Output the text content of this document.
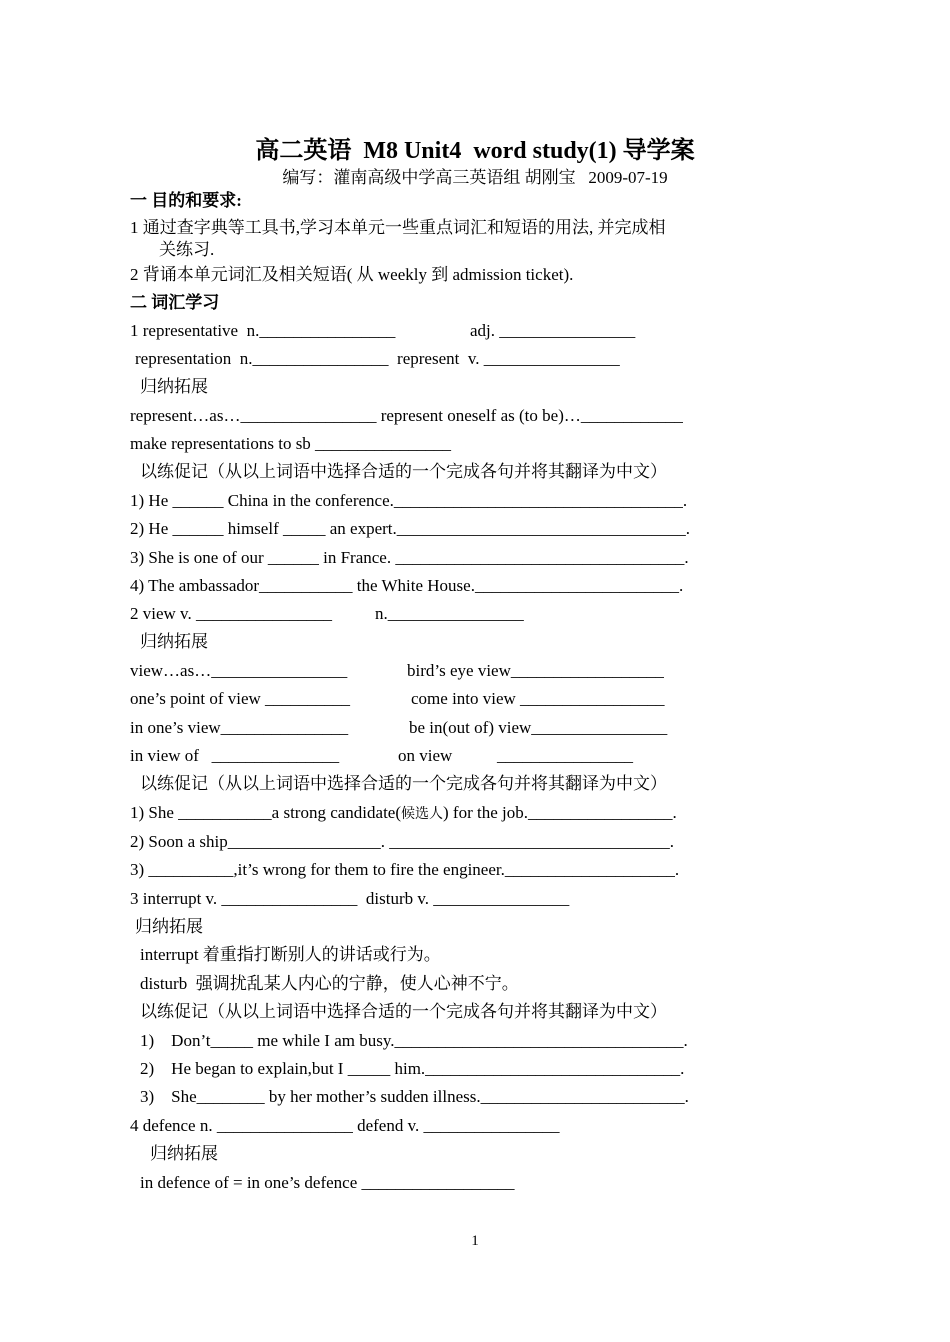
高二英语  M8 Unit4  word study(1) 导学案
编写：灌南高级中学高三英语组 胡刚宝   2009-07-19
一 目的和要求:
1 通过查字典等工具书,学习本单元一些重点词汇和短语的用法, 并完成相
关练习.
2 背诵本单元词汇及相关短语( 从 weekly 到 admission ticket).
二 词汇学习
1 representative  n.________________	adj. ________________
representation  n.________________  represent  v. ________________
归纳拓展
represent…as…________________ represent oneself as (to be)…____________
make representations to sb ________________
以练促记（从以上词语中选择合适的一个完成各句并将其翻译为中文）
1) He ______ China in the conference.__________________________________.
2) He ______ himself _____ an expert.__________________________________.
3) She is one of our ______ in France. __________________________________.
4) The ambassador___________ the White House.________________________.
2 view v. ________________	n.________________
归纳拓展
view…as…________________	bird’s eye view__________________
one’s point of view __________	come into view _________________
in one’s view_______________	be in(out of) view________________
in view of   _______________	on view	________________
以练促记（从以上词语中选择合适的一个完成各句并将其翻译为中文）
1) She ___________a strong candidate(候选人) for the job._________________.
2) Soon a ship__________________. _________________________________.
3) __________,it’s wrong for them to fire the engineer.____________________.
3 interrupt v. ________________  disturb v. ________________
归纳拓展
interrupt 着重指打断别人的讲话或行为。
disturb  强调扰乱某人内心的宁静，使人心神不宁。
以练促记（从以上词语中选择合适的一个完成各句并将其翻译为中文）
1)    Don’t_____ me while I am busy.__________________________________.
2)    He began to explain,but I _____ him.______________________________.
3)    She________ by her mother’s sudden illness.________________________.
4 defence n. ________________ defend v. ________________
归纳拓展
in defence of = in one’s defence __________________
1
